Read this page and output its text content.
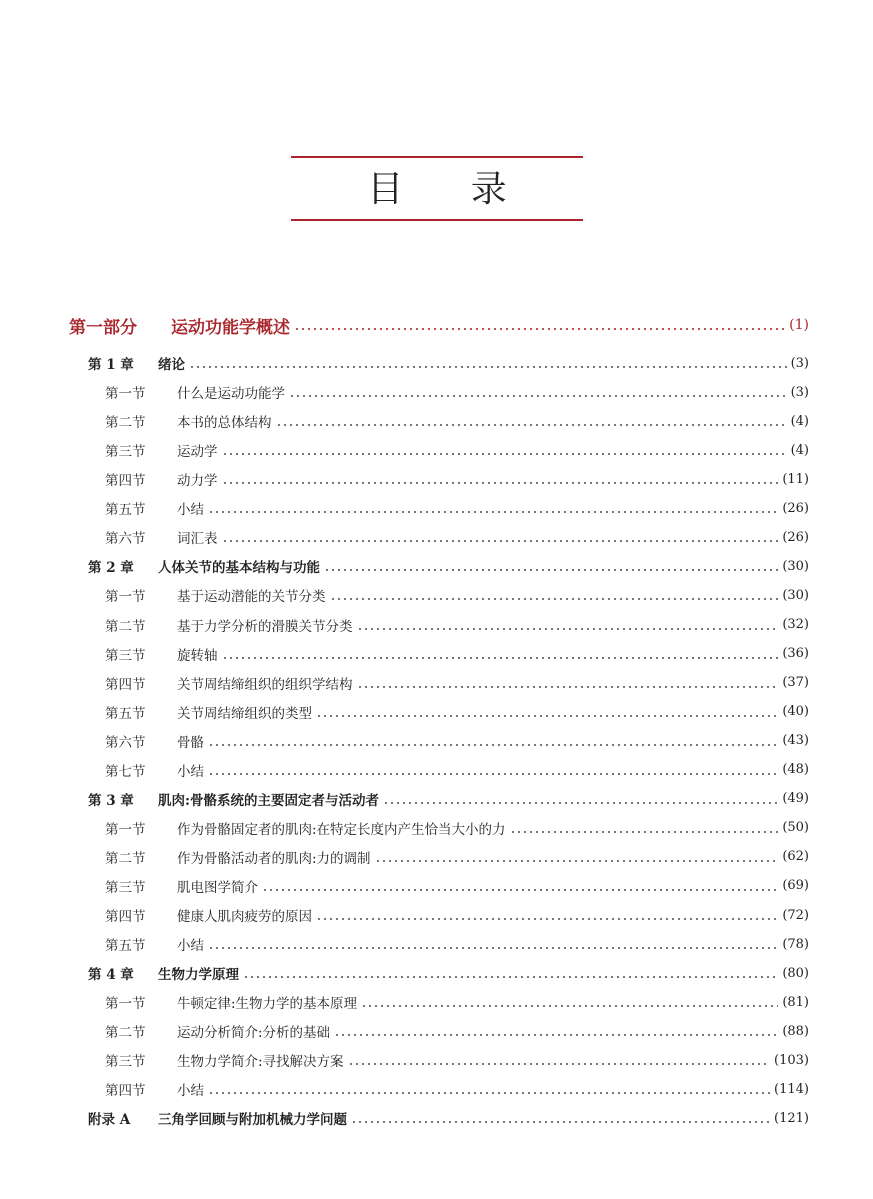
目 录
第一部分	运动功能学概述	(1)
第 1 章	绪论	(3)
第一节	什么是运动功能学	(3)
第二节	本书的总体结构	(4)
第三节	运动学	(4)
第四节	动力学	(11)
第五节	小结	(26)
第六节	词汇表	(26)
第 2 章	人体关节的基本结构与功能	(30)
第一节	基于运动潜能的关节分类	(30)
第二节	基于力学分析的滑膜关节分类	(32)
第三节	旋转轴	(36)
第四节	关节周结缔组织的组织学结构	(37)
第五节	关节周结缔组织的类型	(40)
第六节	骨骼	(43)
第七节	小结	(48)
第 3 章	肌肉:骨骼系统的主要固定者与活动者	(49)
第一节	作为骨骼固定者的肌肉:在特定长度内产生恰当大小的力	(50)
第二节	作为骨骼活动者的肌肉:力的调制	(62)
第三节	肌电图学简介	(69)
第四节	健康人肌肉疲劳的原因	(72)
第五节	小结	(78)
第 4 章	生物力学原理	(80)
第一节	牛顿定律:生物力学的基本原理	(81)
第二节	运动分析简介:分析的基础	(88)
第三节	生物力学简介:寻找解决方案	(103)
第四节	小结	(114)
附录 A	三角学回顾与附加机械力学问题	(121)
